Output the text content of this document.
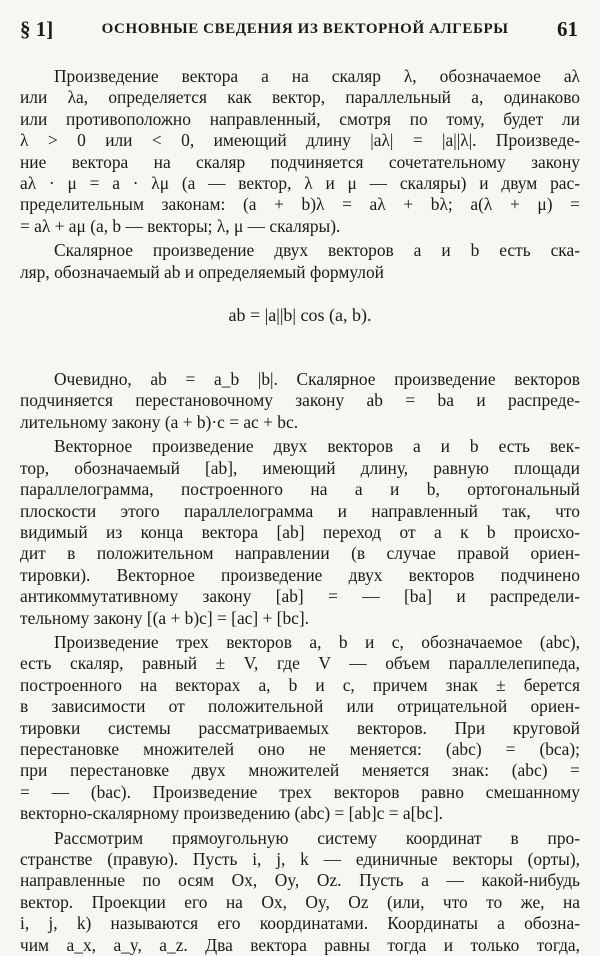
§ 1]	ОСНОВНЫЕ СВЕДЕНИЯ ИЗ ВЕКТОРНОЙ АЛГЕБРЫ 61

Произведение вектора a на скаляр λ, обозначаемое aλ

или λa, определяется как вектор, параллельный a, одинаково

или противоположно направленный, смотря по тому, будет ли

λ > 0 или < 0, имеющий длину |aλ| = |a||λ|. Произведе-

ние вектора на скаляр подчиняется сочетательному закону

aλ · μ = a · λμ (a — вектор, λ и μ — скаляры) и двум рас-

пределительным законам: (a + b)λ = aλ + bλ; a(λ + μ) =

= aλ + aμ (a, b — векторы; λ, μ — скаляры).

Скалярное произведение двух векторов a и b есть ска-

ляр, обозначаемый ab и определяемый формулой

ab = |a||b| cos (a, b).

Очевидно, ab = a_b |b|. Скалярное произведение векторов

подчиняется перестановочному закону ab = ba и распреде-

лительному закону (a + b)·c = ac + bc.

Векторное произведение двух векторов a и b есть век-

тор, обозначаемый [ab], имеющий длину, равную площади

параллелограмма, построенного на a и b, ортогональный

плоскости этого параллелограмма и направленный так, что

видимый из конца вектора [ab] переход от a к b происхо-

дит в положительном направлении (в случае правой ориен-

тировки). Векторное произведение двух векторов подчинено

антикоммутативному закону [ab] = — [ba] и распредели-

тельному закону [(a + b)c] = [ac] + [bc].

Произведение трех векторов a, b и c, обозначаемое (abc),

есть скаляр, равный ± V, где V — объем параллелепипеда,

построенного на векторах a, b и c, причем знак ± берется

в зависимости от положительной или отрицательной ориен-

тировки системы рассматриваемых векторов. При круговой

перестановке множителей оно не меняется: (abc) = (bca);

при перестановке двух множителей меняется знак: (abc) =

= — (bac). Произведение трех векторов равно смешанному

векторно-скалярному произведению (abc) = [ab]c = a[bc].

Рассмотрим прямоугольную систему координат в про-

странстве (правую). Пусть i, j, k — единичные векторы (орты),

направленные по осям Ox, Oy, Oz. Пусть a — какой-нибудь

вектор. Проекции его на Ox, Oy, Oz (или, что то же, на

i, j, k) называются его координатами. Координаты a обозна-

чим a_x, a_y, a_z. Два вектора равны тогда и только тогда,
